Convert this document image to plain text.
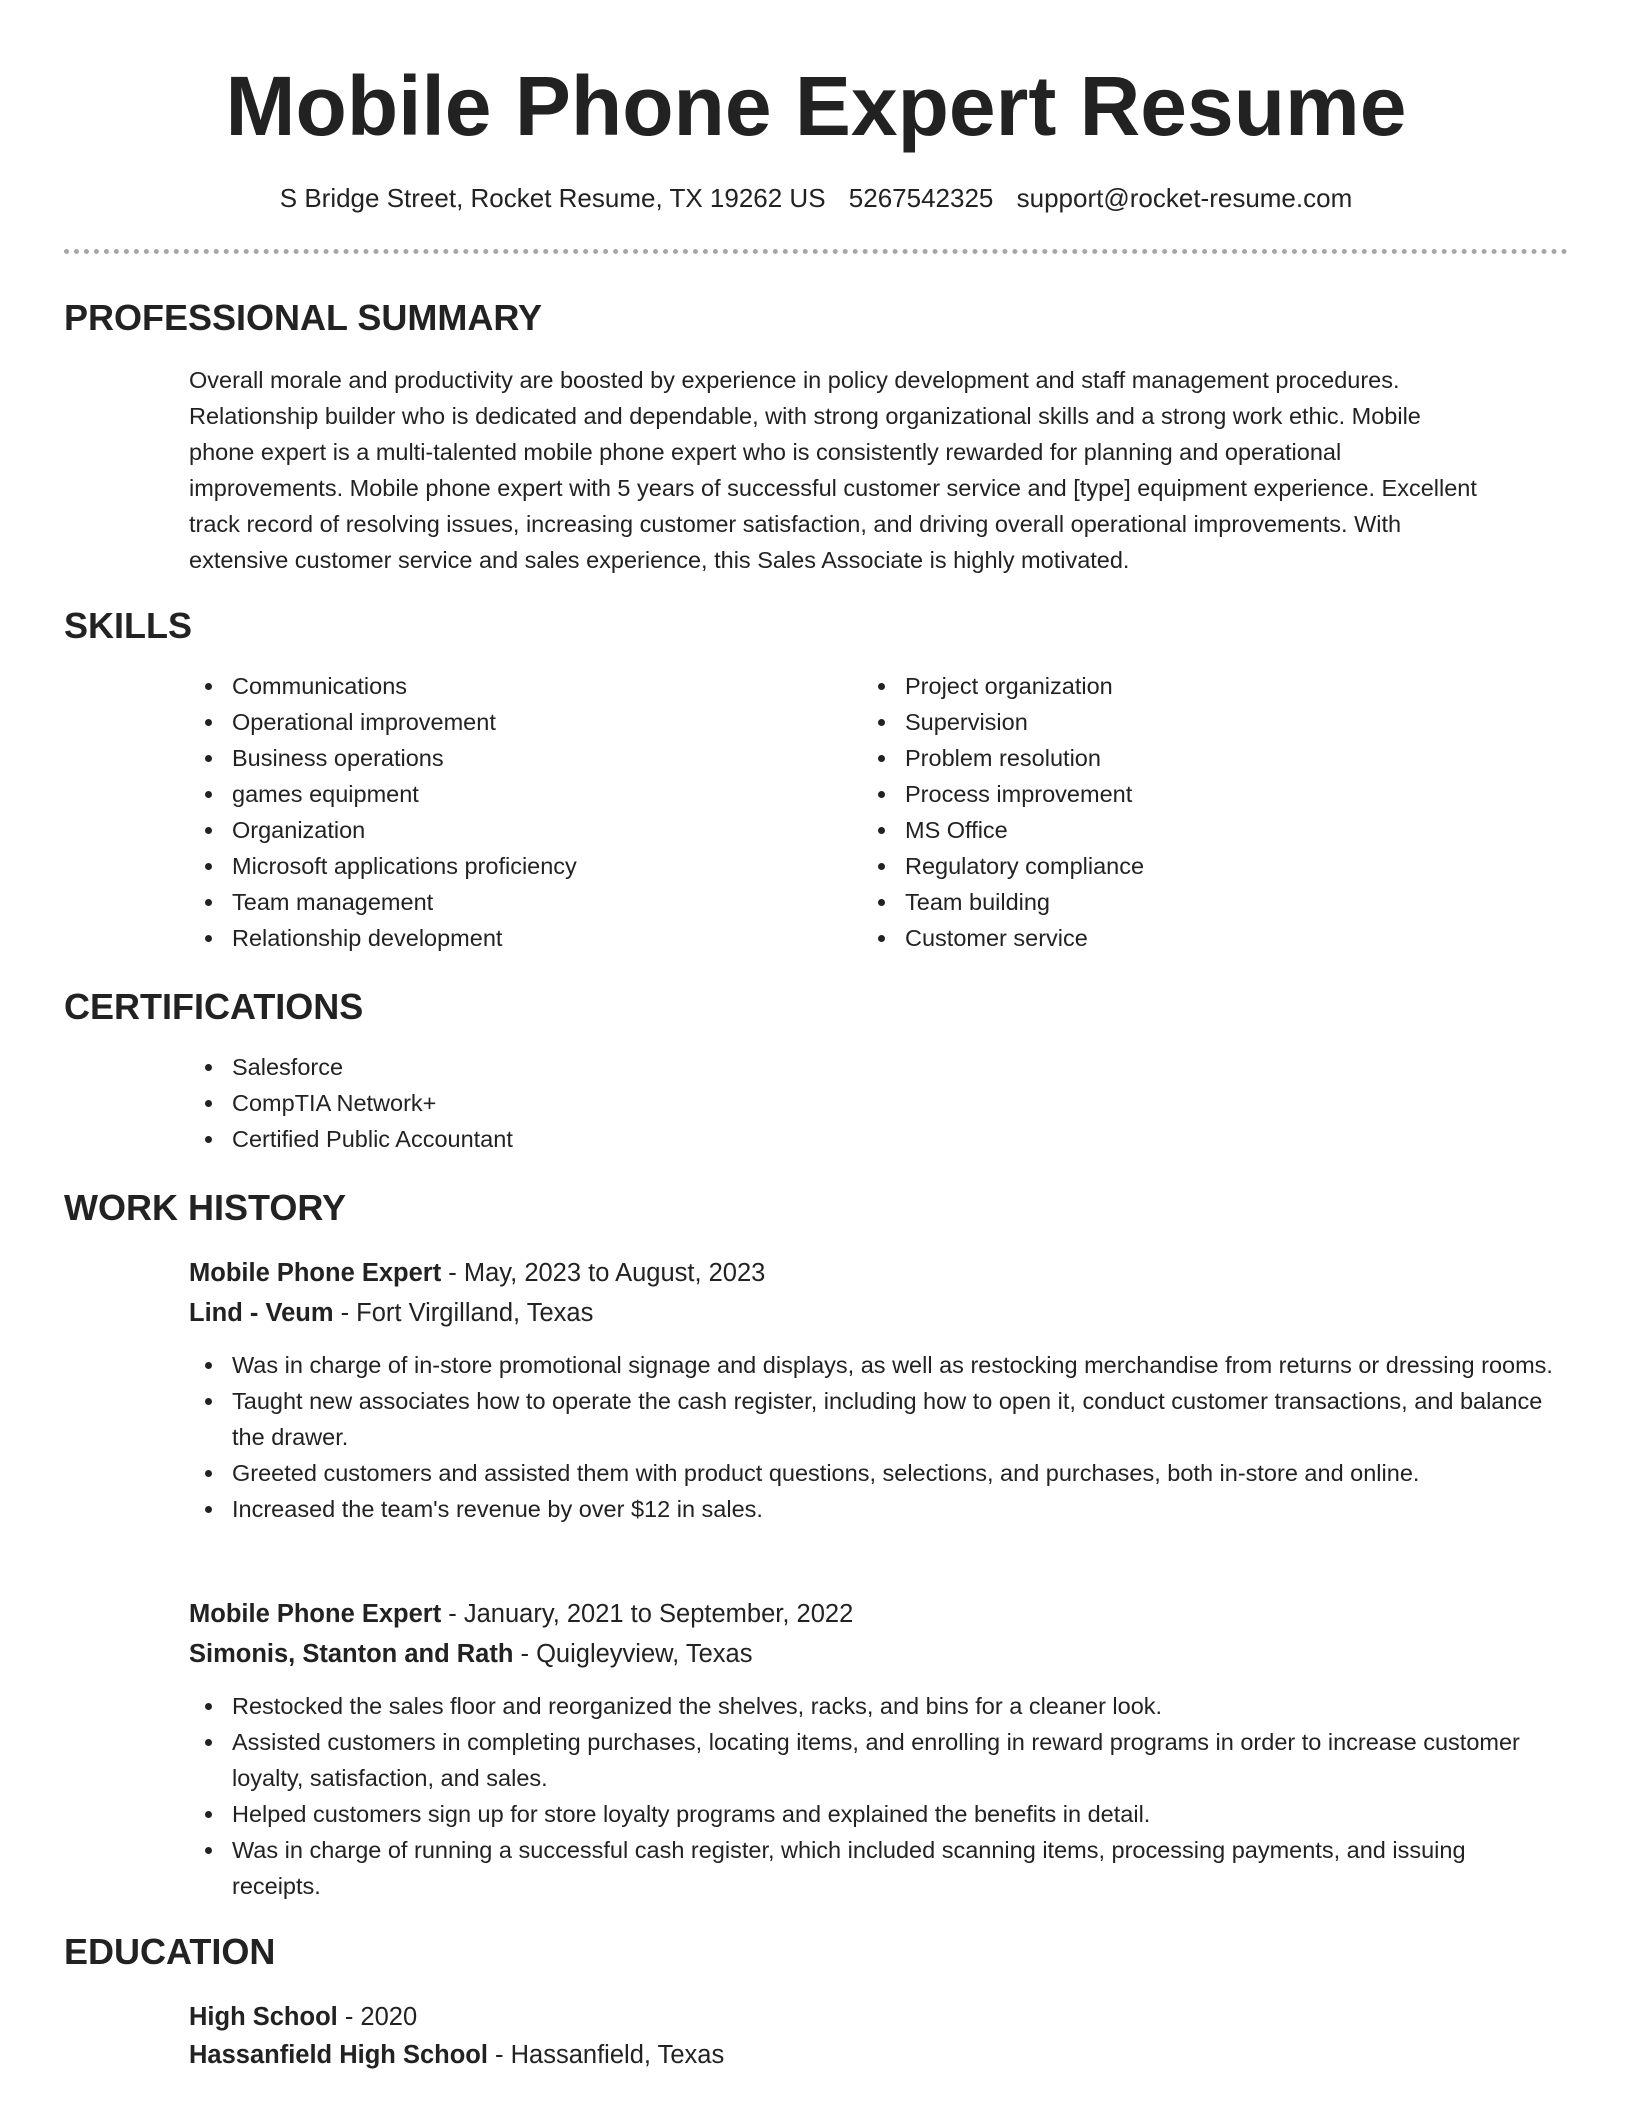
Mobile Phone Expert Resume
S Bridge Street, Rocket Resume, TX 19262 US 5267542325 support@rocket-resume.com
PROFESSIONAL SUMMARY
Overall morale and productivity are boosted by experience in policy development and staff management procedures.
Relationship builder who is dedicated and dependable, with strong organizational skills and a strong work ethic. Mobile
phone expert is a multi-talented mobile phone expert who is consistently rewarded for planning and operational
improvements. Mobile phone expert with 5 years of successful customer service and [type] equipment experience. Excellent
track record of resolving issues, increasing customer satisfaction, and driving overall operational improvements. With
extensive customer service and sales experience, this Sales Associate is highly motivated.
SKILLS
Communications
Operational improvement
Business operations
games equipment
Organization
Microsoft applications proficiency
Team management
Relationship development
Project organization
Supervision
Problem resolution
Process improvement
MS Office
Regulatory compliance
Team building
Customer service
CERTIFICATIONS
Salesforce
CompTIA Network+
Certified Public Accountant
WORK HISTORY
Mobile Phone Expert - May, 2023 to August, 2023
Lind - Veum - Fort Virgilland, Texas
Was in charge of in-store promotional signage and displays, as well as restocking merchandise from returns or dressing rooms.
Taught new associates how to operate the cash register, including how to open it, conduct customer transactions, and balance the drawer.
Greeted customers and assisted them with product questions, selections, and purchases, both in-store and online.
Increased the team's revenue by over $12 in sales.
Mobile Phone Expert - January, 2021 to September, 2022
Simonis, Stanton and Rath - Quigleyview, Texas
Restocked the sales floor and reorganized the shelves, racks, and bins for a cleaner look.
Assisted customers in completing purchases, locating items, and enrolling in reward programs in order to increase customer loyalty, satisfaction, and sales.
Helped customers sign up for store loyalty programs and explained the benefits in detail.
Was in charge of running a successful cash register, which included scanning items, processing payments, and issuing receipts.
EDUCATION
High School - 2020
Hassanfield High School - Hassanfield, Texas
